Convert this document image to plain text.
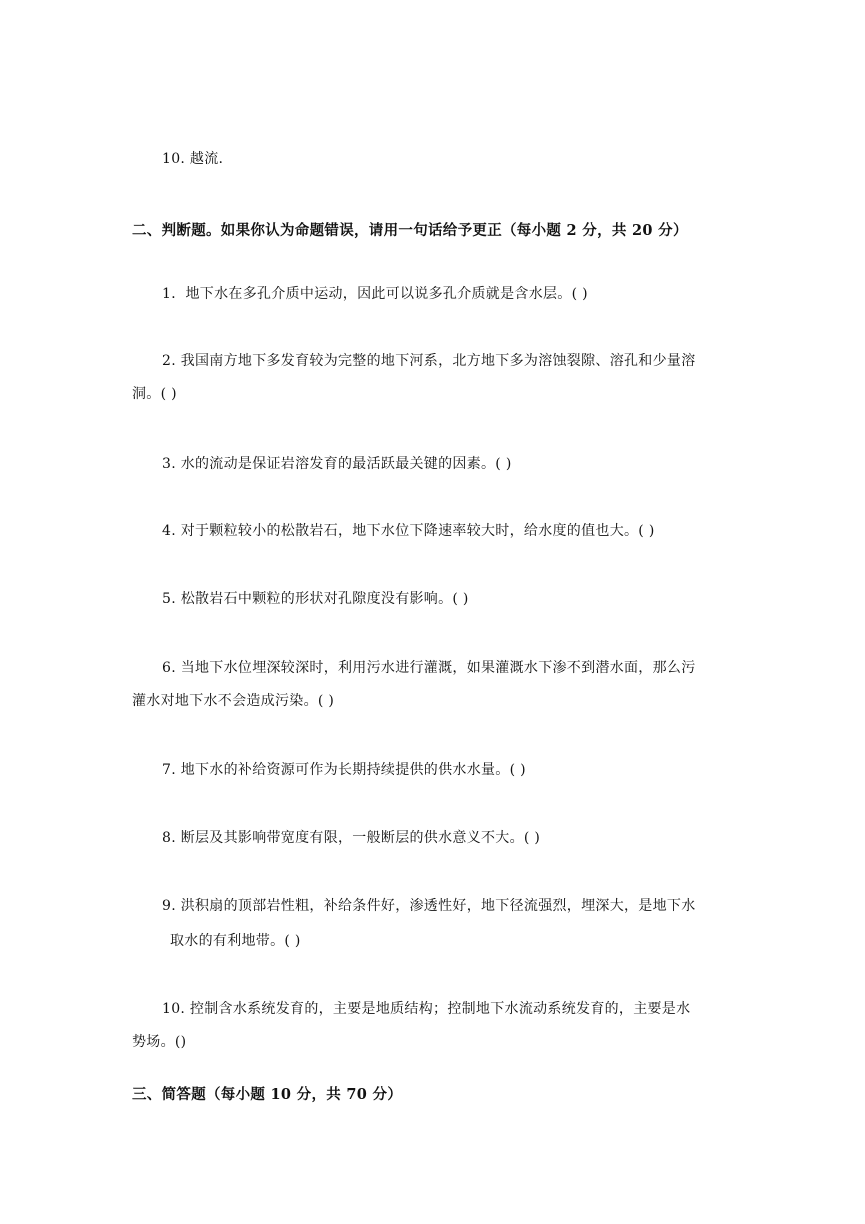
10. 越流.
二、判断题。如果你认为命题错误，请用一句话给予更正（每小题 2 分，共 20 分）
1．地下水在多孔介质中运动，因此可以说多孔介质就是含水层。( )
2. 我国南方地下多发育较为完整的地下河系，北方地下多为溶蚀裂隙、溶孔和少量溶
洞。( )
3. 水的流动是保证岩溶发育的最活跃最关键的因素。( )
4. 对于颗粒较小的松散岩石，地下水位下降速率较大时，给水度的值也大。( )
5. 松散岩石中颗粒的形状对孔隙度没有影响。( )
6. 当地下水位埋深较深时，利用污水进行灌溉，如果灌溉水下渗不到潜水面，那么污
灌水对地下水不会造成污染。( )
7. 地下水的补给资源可作为长期持续提供的供水水量。( )
8. 断层及其影响带宽度有限，一般断层的供水意义不大。( )
9. 洪积扇的顶部岩性粗，补给条件好，渗透性好，地下径流强烈，埋深大，是地下水
取水的有利地带。( )
10. 控制含水系统发育的，主要是地质结构；控制地下水流动系统发育的，主要是水
势场。()
三、简答题（每小题 10 分，共 70 分）
